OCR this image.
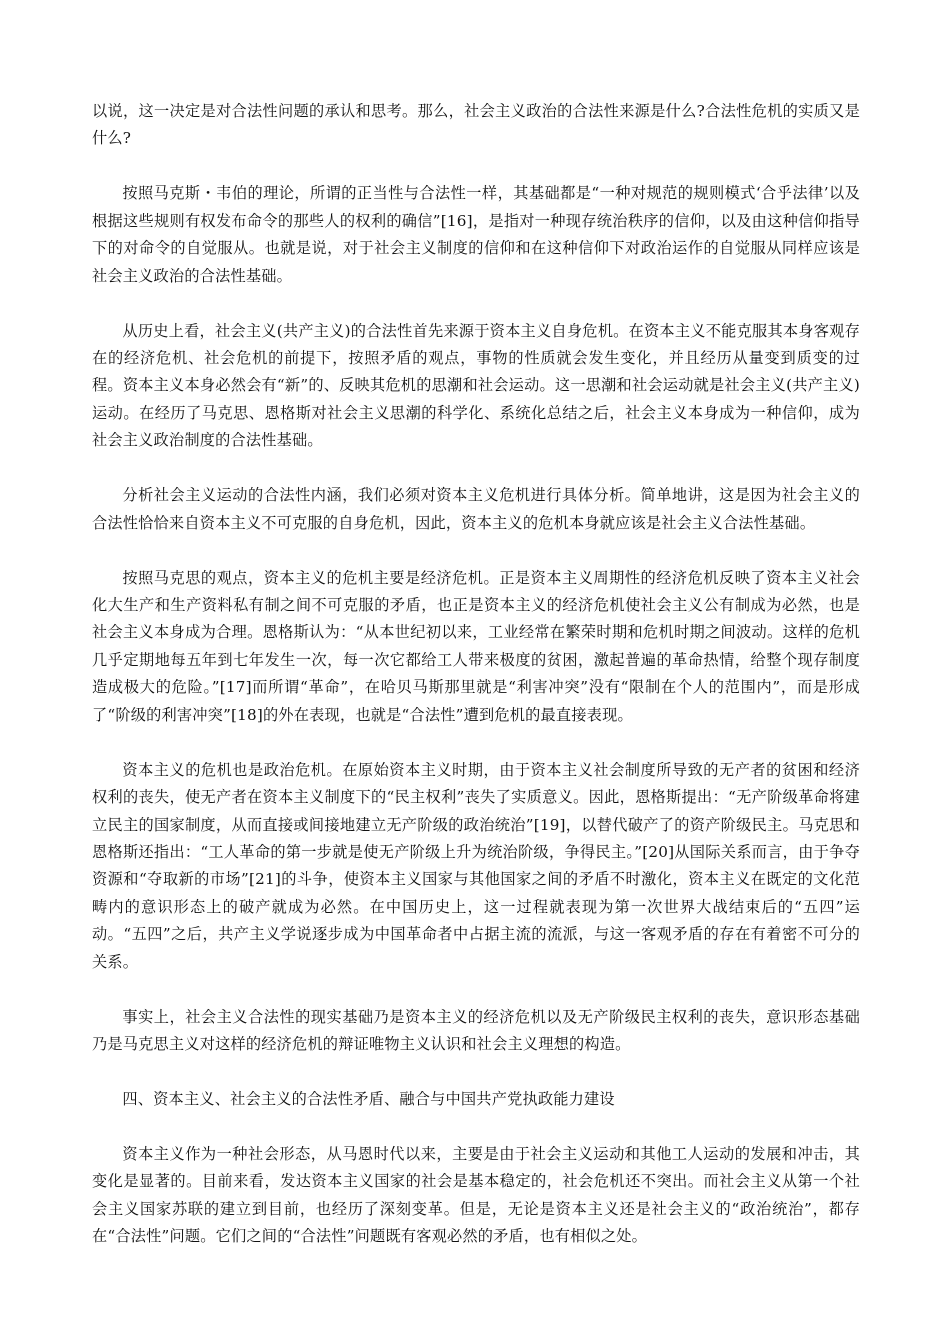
以说，这一决定是对合法性问题的承认和思考。那么，社会主义政治的合法性来源是什么?合法性危机的实质又是什么?

按照马克斯・韦伯的理论，所谓的正当性与合法性一样，其基础都是“一种对规范的规则模式‘合乎法律’以及根据这些规则有权发布命令的那些人的权利的确信”[16]，是指对一种现存统治秩序的信仰，以及由这种信仰指导下的对命令的自觉服从。也就是说，对于社会主义制度的信仰和在这种信仰下对政治运作的自觉服从同样应该是社会主义政治的合法性基础。

从历史上看，社会主义(共产主义)的合法性首先来源于资本主义自身危机。在资本主义不能克服其本身客观存在的经济危机、社会危机的前提下，按照矛盾的观点，事物的性质就会发生变化，并且经历从量变到质变的过程。资本主义本身必然会有“新”的、反映其危机的思潮和社会运动。这一思潮和社会运动就是社会主义(共产主义)运动。在经历了马克思、恩格斯对社会主义思潮的科学化、系统化总结之后，社会主义本身成为一种信仰，成为社会主义政治制度的合法性基础。

分析社会主义运动的合法性内涵，我们必须对资本主义危机进行具体分析。简单地讲，这是因为社会主义的合法性恰恰来自资本主义不可克服的自身危机，因此，资本主义的危机本身就应该是社会主义合法性基础。

按照马克思的观点，资本主义的危机主要是经济危机。正是资本主义周期性的经济危机反映了资本主义社会化大生产和生产资料私有制之间不可克服的矛盾，也正是资本主义的经济危机使社会主义公有制成为必然，也是社会主义本身成为合理。恩格斯认为：“从本世纪初以来，工业经常在繁荣时期和危机时期之间波动。这样的危机几乎定期地每五年到七年发生一次，每一次它都给工人带来极度的贫困，激起普遍的革命热情，给整个现存制度造成极大的危险。”[17]而所谓“革命”，在哈贝马斯那里就是“利害冲突”没有“限制在个人的范围内”，而是形成了“阶级的利害冲突”[18]的外在表现，也就是“合法性”遭到危机的最直接表现。

资本主义的危机也是政治危机。在原始资本主义时期，由于资本主义社会制度所导致的无产者的贫困和经济权利的丧失，使无产者在资本主义制度下的“民主权利”丧失了实质意义。因此，恩格斯提出：“无产阶级革命将建立民主的国家制度，从而直接或间接地建立无产阶级的政治统治”[19]，以替代破产了的资产阶级民主。马克思和恩格斯还指出：“工人革命的第一步就是使无产阶级上升为统治阶级，争得民主。”[20]从国际关系而言，由于争夺资源和“夺取新的市场”[21]的斗争，使资本主义国家与其他国家之间的矛盾不时激化，资本主义在既定的文化范畴内的意识形态上的破产就成为必然。在中国历史上，这一过程就表现为第一次世界大战结束后的“五四”运动。“五四”之后，共产主义学说逐步成为中国革命者中占据主流的流派，与这一客观矛盾的存在有着密不可分的关系。

事实上，社会主义合法性的现实基础乃是资本主义的经济危机以及无产阶级民主权利的丧失，意识形态基础乃是马克思主义对这样的经济危机的辩证唯物主义认识和社会主义理想的构造。

四、资本主义、社会主义的合法性矛盾、融合与中国共产党执政能力建设

资本主义作为一种社会形态，从马恩时代以来，主要是由于社会主义运动和其他工人运动的发展和冲击，其变化是显著的。目前来看，发达资本主义国家的社会是基本稳定的，社会危机还不突出。而社会主义从第一个社会主义国家苏联的建立到目前，也经历了深刻变革。但是，无论是资本主义还是社会主义的“政治统治”，都存在“合法性”问题。它们之间的“合法性”问题既有客观必然的矛盾，也有相似之处。
